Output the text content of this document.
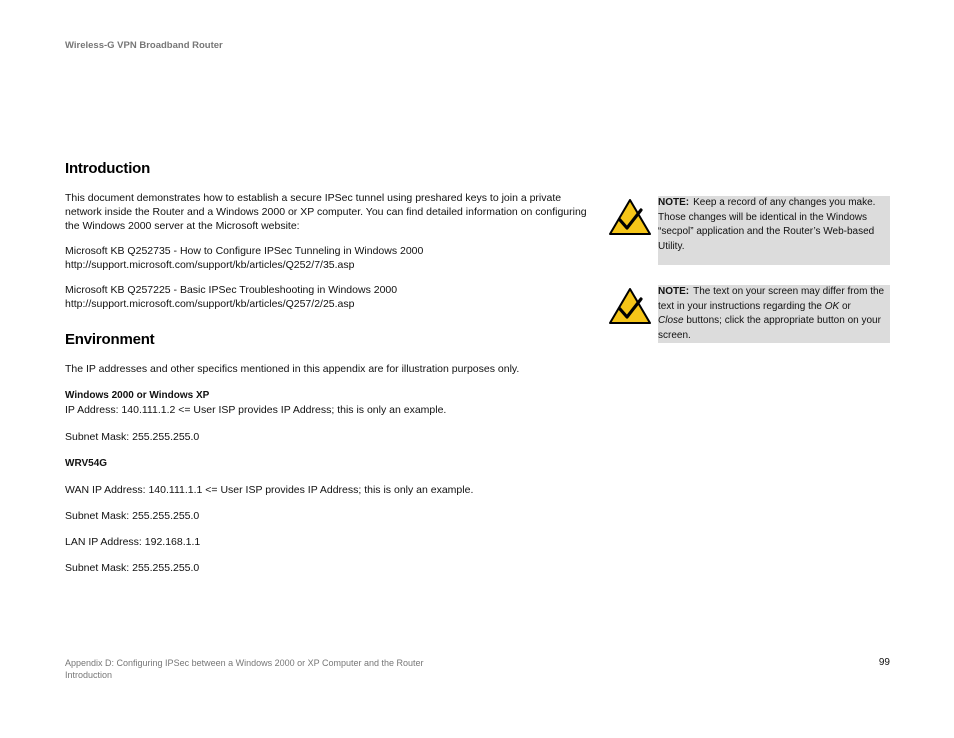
Wireless-G VPN Broadband Router
Introduction

This document demonstrates how to establish a secure IPSec tunnel using preshared keys to join a private network inside the Router and a Windows 2000 or XP computer. You can find detailed information on configuring the Windows 2000 server at the Microsoft website:

Microsoft KB Q252735 - How to Configure IPSec Tunneling in Windows 2000
http://support.microsoft.com/support/kb/articles/Q252/7/35.asp

Microsoft KB Q257225 - Basic IPSec Troubleshooting in Windows 2000
http://support.microsoft.com/support/kb/articles/Q257/2/25.asp

Environment

The IP addresses and other specifics mentioned in this appendix are for illustration purposes only.

Windows 2000 or Windows XP

IP Address: 140.111.1.2 <= User ISP provides IP Address; this is only an example.

Subnet Mask: 255.255.255.0

WRV54G

WAN IP Address: 140.111.1.1 <= User ISP provides IP Address; this is only an example.

Subnet Mask: 255.255.255.0

LAN IP Address: 192.168.1.1

Subnet Mask: 255.255.255.0

NOTE: Keep a record of any changes you make. Those changes will be identical in the Windows “secpol” application and the Router’s Web-based Utility.
NOTE: The text on your screen may differ from the text in your instructions regarding the OK or
Close buttons; click the appropriate button on your screen.
Appendix D: Configuring IPSec between a Windows 2000 or XP Computer and the Router
Introduction
99
